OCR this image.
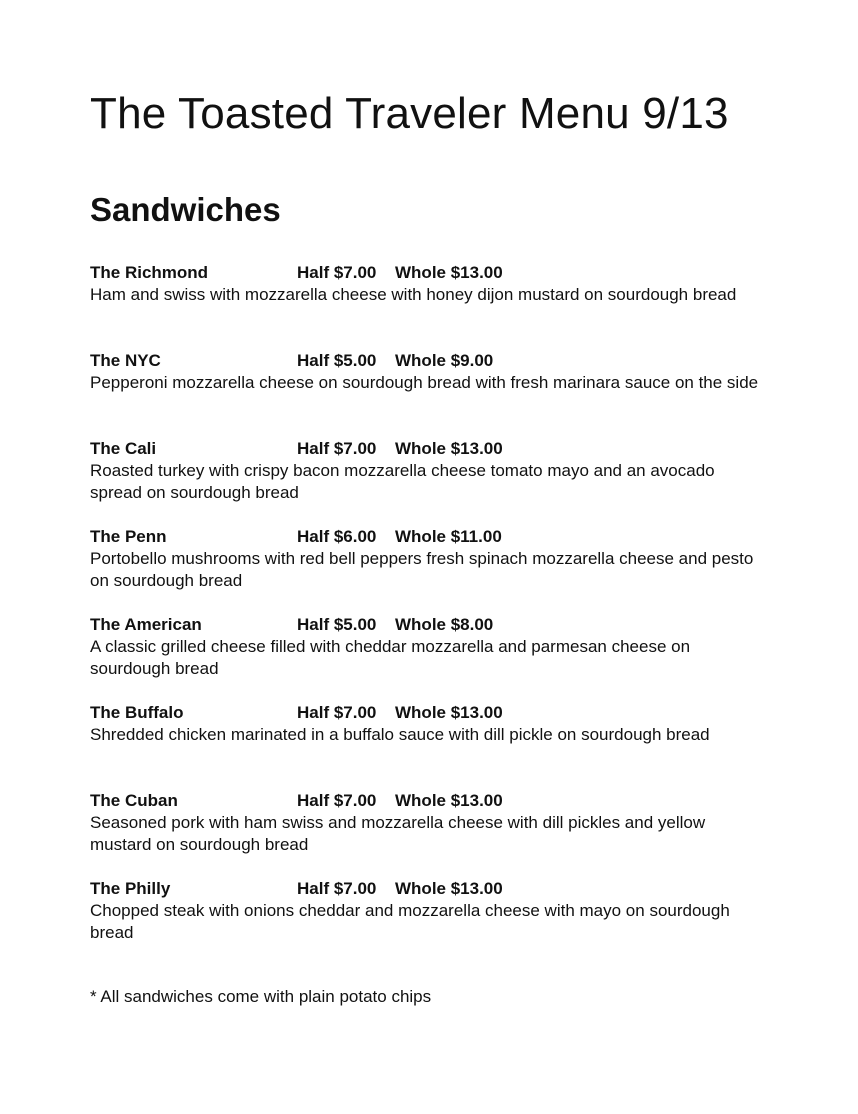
The Toasted Traveler Menu 9/13
Sandwiches
The Richmond	Half $7.00	Whole $13.00
Ham and swiss with mozzarella cheese with honey dijon mustard on sourdough bread
The NYC	Half $5.00	Whole $9.00
Pepperoni mozzarella cheese on sourdough bread with fresh marinara sauce on the side
The Cali	Half $7.00	Whole $13.00
Roasted turkey with crispy bacon mozzarella cheese tomato mayo and an avocado spread on sourdough bread
The Penn	Half $6.00	Whole $11.00
Portobello mushrooms with red bell peppers fresh spinach mozzarella cheese and pesto on sourdough bread
The American	Half $5.00	Whole $8.00
A classic grilled cheese filled with cheddar mozzarella and parmesan cheese on sourdough bread
The Buffalo	Half $7.00	Whole $13.00
Shredded chicken marinated in a buffalo sauce with dill pickle on sourdough bread
The Cuban	Half $7.00	Whole $13.00
Seasoned pork with ham swiss and mozzarella cheese with dill pickles and yellow mustard on sourdough bread
The Philly	Half $7.00	Whole $13.00
Chopped steak with onions cheddar and mozzarella cheese with mayo on sourdough bread
* All sandwiches come with plain potato chips
